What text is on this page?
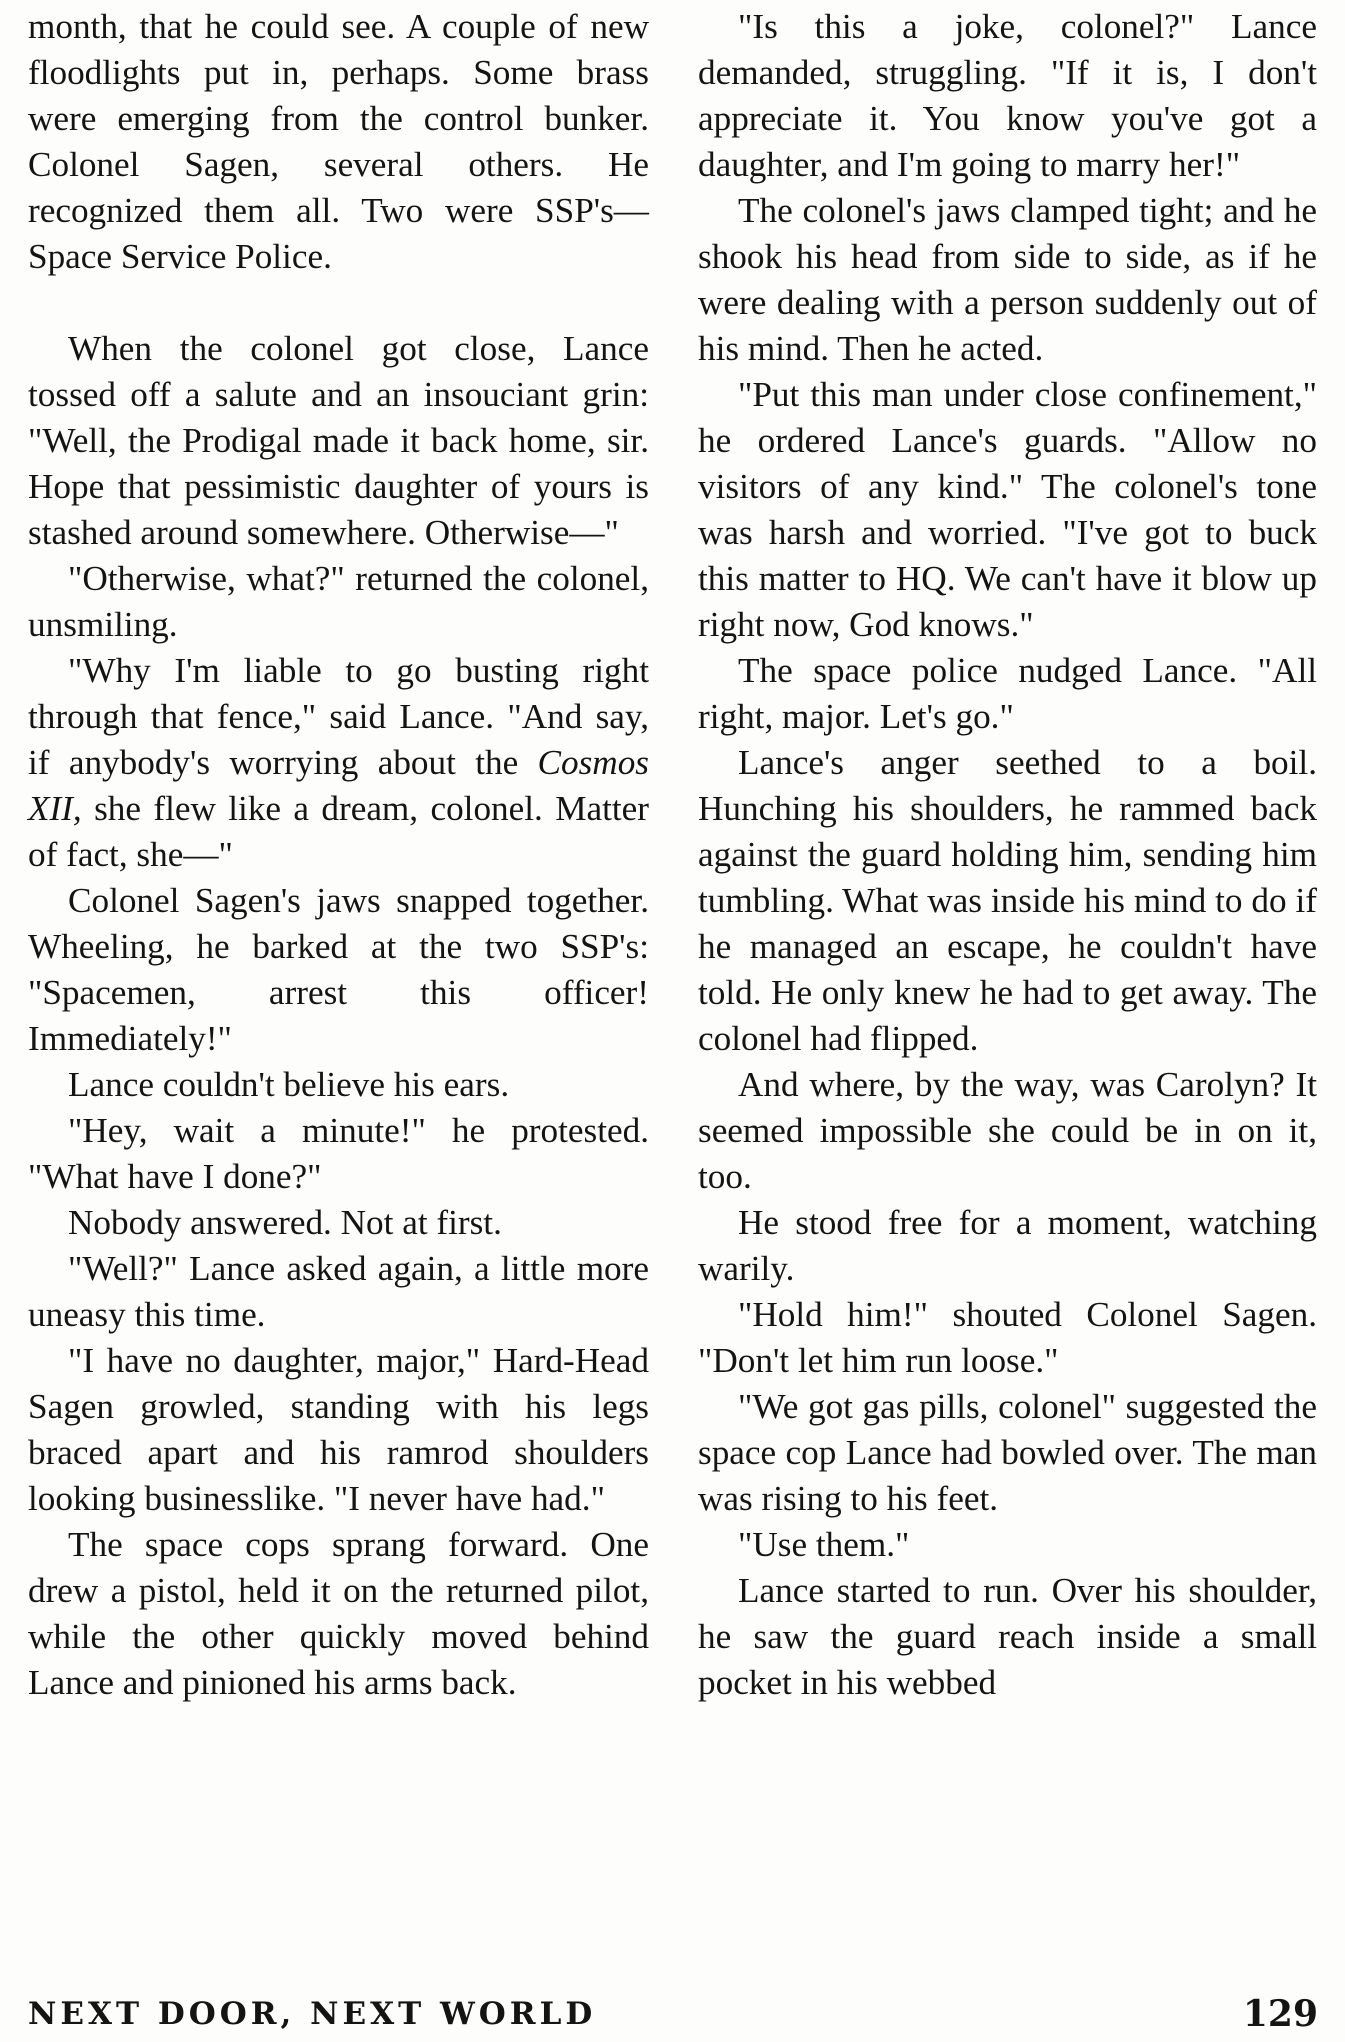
month, that he could see. A couple of new floodlights put in, perhaps. Some brass were emerging from the control bunker. Colonel Sagen, several others. He recognized them all. Two were SSP's—Space Service Police.

When the colonel got close, Lance tossed off a salute and an insouciant grin: "Well, the Prodigal made it back home, sir. Hope that pessimistic daughter of yours is stashed around somewhere. Otherwise—"

"Otherwise, what?" returned the colonel, unsmiling.

"Why I'm liable to go busting right through that fence," said Lance. "And say, if anybody's worrying about the Cosmos XII, she flew like a dream, colonel. Matter of fact, she—"

Colonel Sagen's jaws snapped together. Wheeling, he barked at the two SSP's: "Spacemen, arrest this officer! Immediately!"

Lance couldn't believe his ears.

"Hey, wait a minute!" he protested. "What have I done?"

Nobody answered. Not at first.

"Well?" Lance asked again, a little more uneasy this time.

"I have no daughter, major," Hard-Head Sagen growled, standing with his legs braced apart and his ramrod shoulders looking businesslike. "I never have had."

The space cops sprang forward. One drew a pistol, held it on the returned pilot, while the other quickly moved behind Lance and pinioned his arms back.

"Is this a joke, colonel?" Lance demanded, struggling. "If it is, I don't appreciate it. You know you've got a daughter, and I'm going to marry her!"

The colonel's jaws clamped tight; and he shook his head from side to side, as if he were dealing with a person suddenly out of his mind. Then he acted.

"Put this man under close confinement," he ordered Lance's guards. "Allow no visitors of any kind." The colonel's tone was harsh and worried. "I've got to buck this matter to HQ. We can't have it blow up right now, God knows."

The space police nudged Lance. "All right, major. Let's go."

Lance's anger seethed to a boil. Hunching his shoulders, he rammed back against the guard holding him, sending him tumbling. What was inside his mind to do if he managed an escape, he couldn't have told. He only knew he had to get away. The colonel had flipped.

And where, by the way, was Carolyn? It seemed impossible she could be in on it, too.

He stood free for a moment, watching warily.

"Hold him!" shouted Colonel Sagen. "Don't let him run loose."

"We got gas pills, colonel" suggested the space cop Lance had bowled over. The man was rising to his feet.

"Use them."

Lance started to run. Over his shoulder, he saw the guard reach inside a small pocket in his webbed

NEXT DOOR, NEXT WORLD	129
